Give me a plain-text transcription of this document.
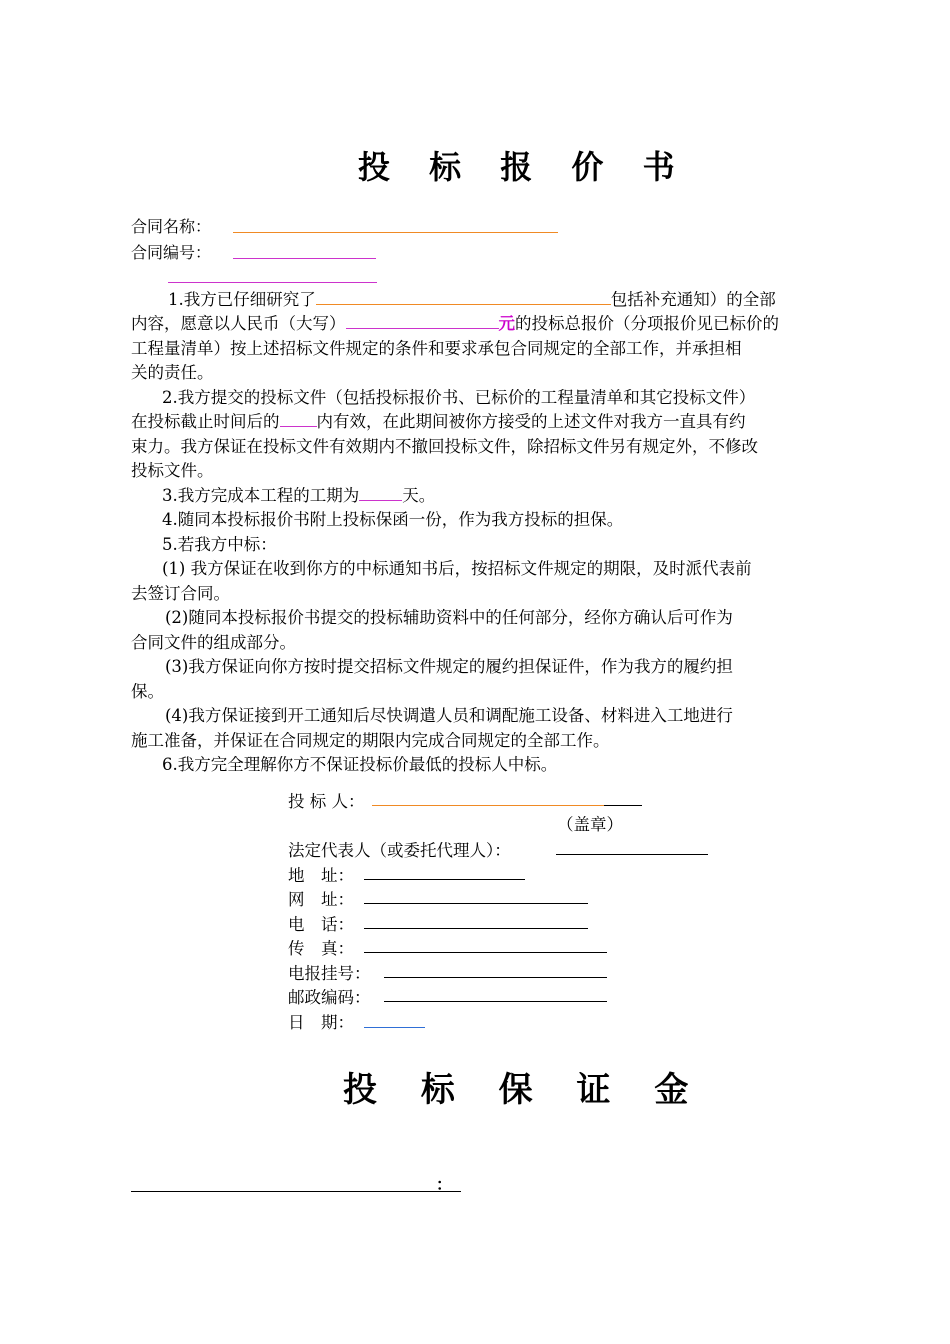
投 标 报 价 书
合同名称：
合同编号：
1.我方已仔细研究了	包括补充通知）的全部
内容，愿意以人民币（大写）	元的投标总报价（分项报价见已标价的
工程量清单）按上述招标文件规定的条件和要求承包合同规定的全部工作，并承担相
关的责任。
2.我方提交的投标文件（包括投标报价书、已标价的工程量清单和其它投标文件）
在投标截止时间后的 内有效，在此期间被你方接受的上述文件对我方一直具有约
束力。我方保证在投标文件有效期内不撤回投标文件，除招标文件另有规定外，不修改
投标文件。
3.我方完成本工程的工期为	天。
4.随同本投标报价书附上投标保函一份，作为我方投标的担保。
5.若我方中标：
(1) 我方保证在收到你方的中标通知书后，按招标文件规定的期限，及时派代表前
去签订合同。
(2)随同本投标报价书提交的投标辅助资料中的任何部分，经你方确认后可作为
合同文件的组成部分。
(3)我方保证向你方按时提交招标文件规定的履约担保证件，作为我方的履约担
保。
(4)我方保证接到开工通知后尽快调遣人员和调配施工设备、材料进入工地进行
施工准备，并保证在合同规定的期限内完成合同规定的全部工作。
6.我方完全理解你方不保证投标价最低的投标人中标。
投 标 人：
（盖章）
法定代表人（或委托代理人）：
地　址：
网　址：
电　话：
传　真：
电报挂号：
邮政编码：
日　期：
投 标 保 证 金
：
